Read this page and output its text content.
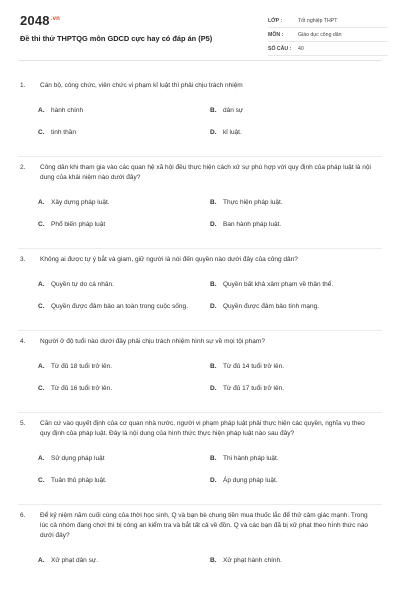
$2048^{.vn}$
Đề thi thử THPTQG môn GDCD cực hay có đáp án (P5)
LỚP :	Tốt nghiệp THPT
MÔN :	Giáo dục công dân
SỐ CÂU :	40
1.	Cán bộ, công chức, viên chức vi phạm kỉ luật thì phải chịu trách nhiệm
A.	hành chính	B.	dân sự
C.	tinh thần	D.	kỉ luật.
2.	Công dân khi tham gia vào các quan hệ xã hội đều thực hiện cách xử sự phù hợp với quy định của pháp luật là nội dung của khái niệm nào dưới đây?
A.	Xây dựng pháp luật.	B.	Thực hiện pháp luật.
C.	Phổ biến pháp luật	D.	Ban hành pháp luật.
3.	Không ai được tự ý bắt và giam, giữ người là nói đến quyền nào dưới đây của công dân?
A.	Quyền tự do cá nhân.	B.	Quyền bất khả xâm phạm về thân thể.
C.	Quyền được đảm bảo an toàn trong cuộc sống.	D.	Quyền được đảm bảo tính mạng.
4.	Người ở độ tuổi nào dưới đây phải chịu trách nhiệm hình sự về mọi tội phạm?
A.	Từ đủ 18 tuổi trở lên.	B.	Từ đủ 14 tuổi trở lên.
C.	Từ đủ 16 tuổi trở lên.	D.	Từ đủ 17 tuổi trở lên.
5.	Căn cứ vào quyết định của cơ quan nhà nước, người vi phạm pháp luật phải thực hiện các quyền, nghĩa vụ theo quy định của pháp luật. Đây là nội dung của hình thức thực hiện pháp luật nào sau đây?
A.	Sử dụng pháp luật	B.	Thi hành pháp luật.
C.	Tuân thủ pháp luật.	D.	Áp dụng pháp luật.
6.	Để kỷ niệm năm cuối cùng của thời học sinh, Q và bạn bè chung tiền mua thuốc lắc để thử cảm giác mạnh. Trong lúc cả nhóm đang chơi thì bị công an kiểm tra và bắt tất cả về đồn. Q và các bạn đã bị xử phạt theo hình thức nào dưới đây?
A.	Xử phạt dân sự.	B.	Xử phạt hành chính.
